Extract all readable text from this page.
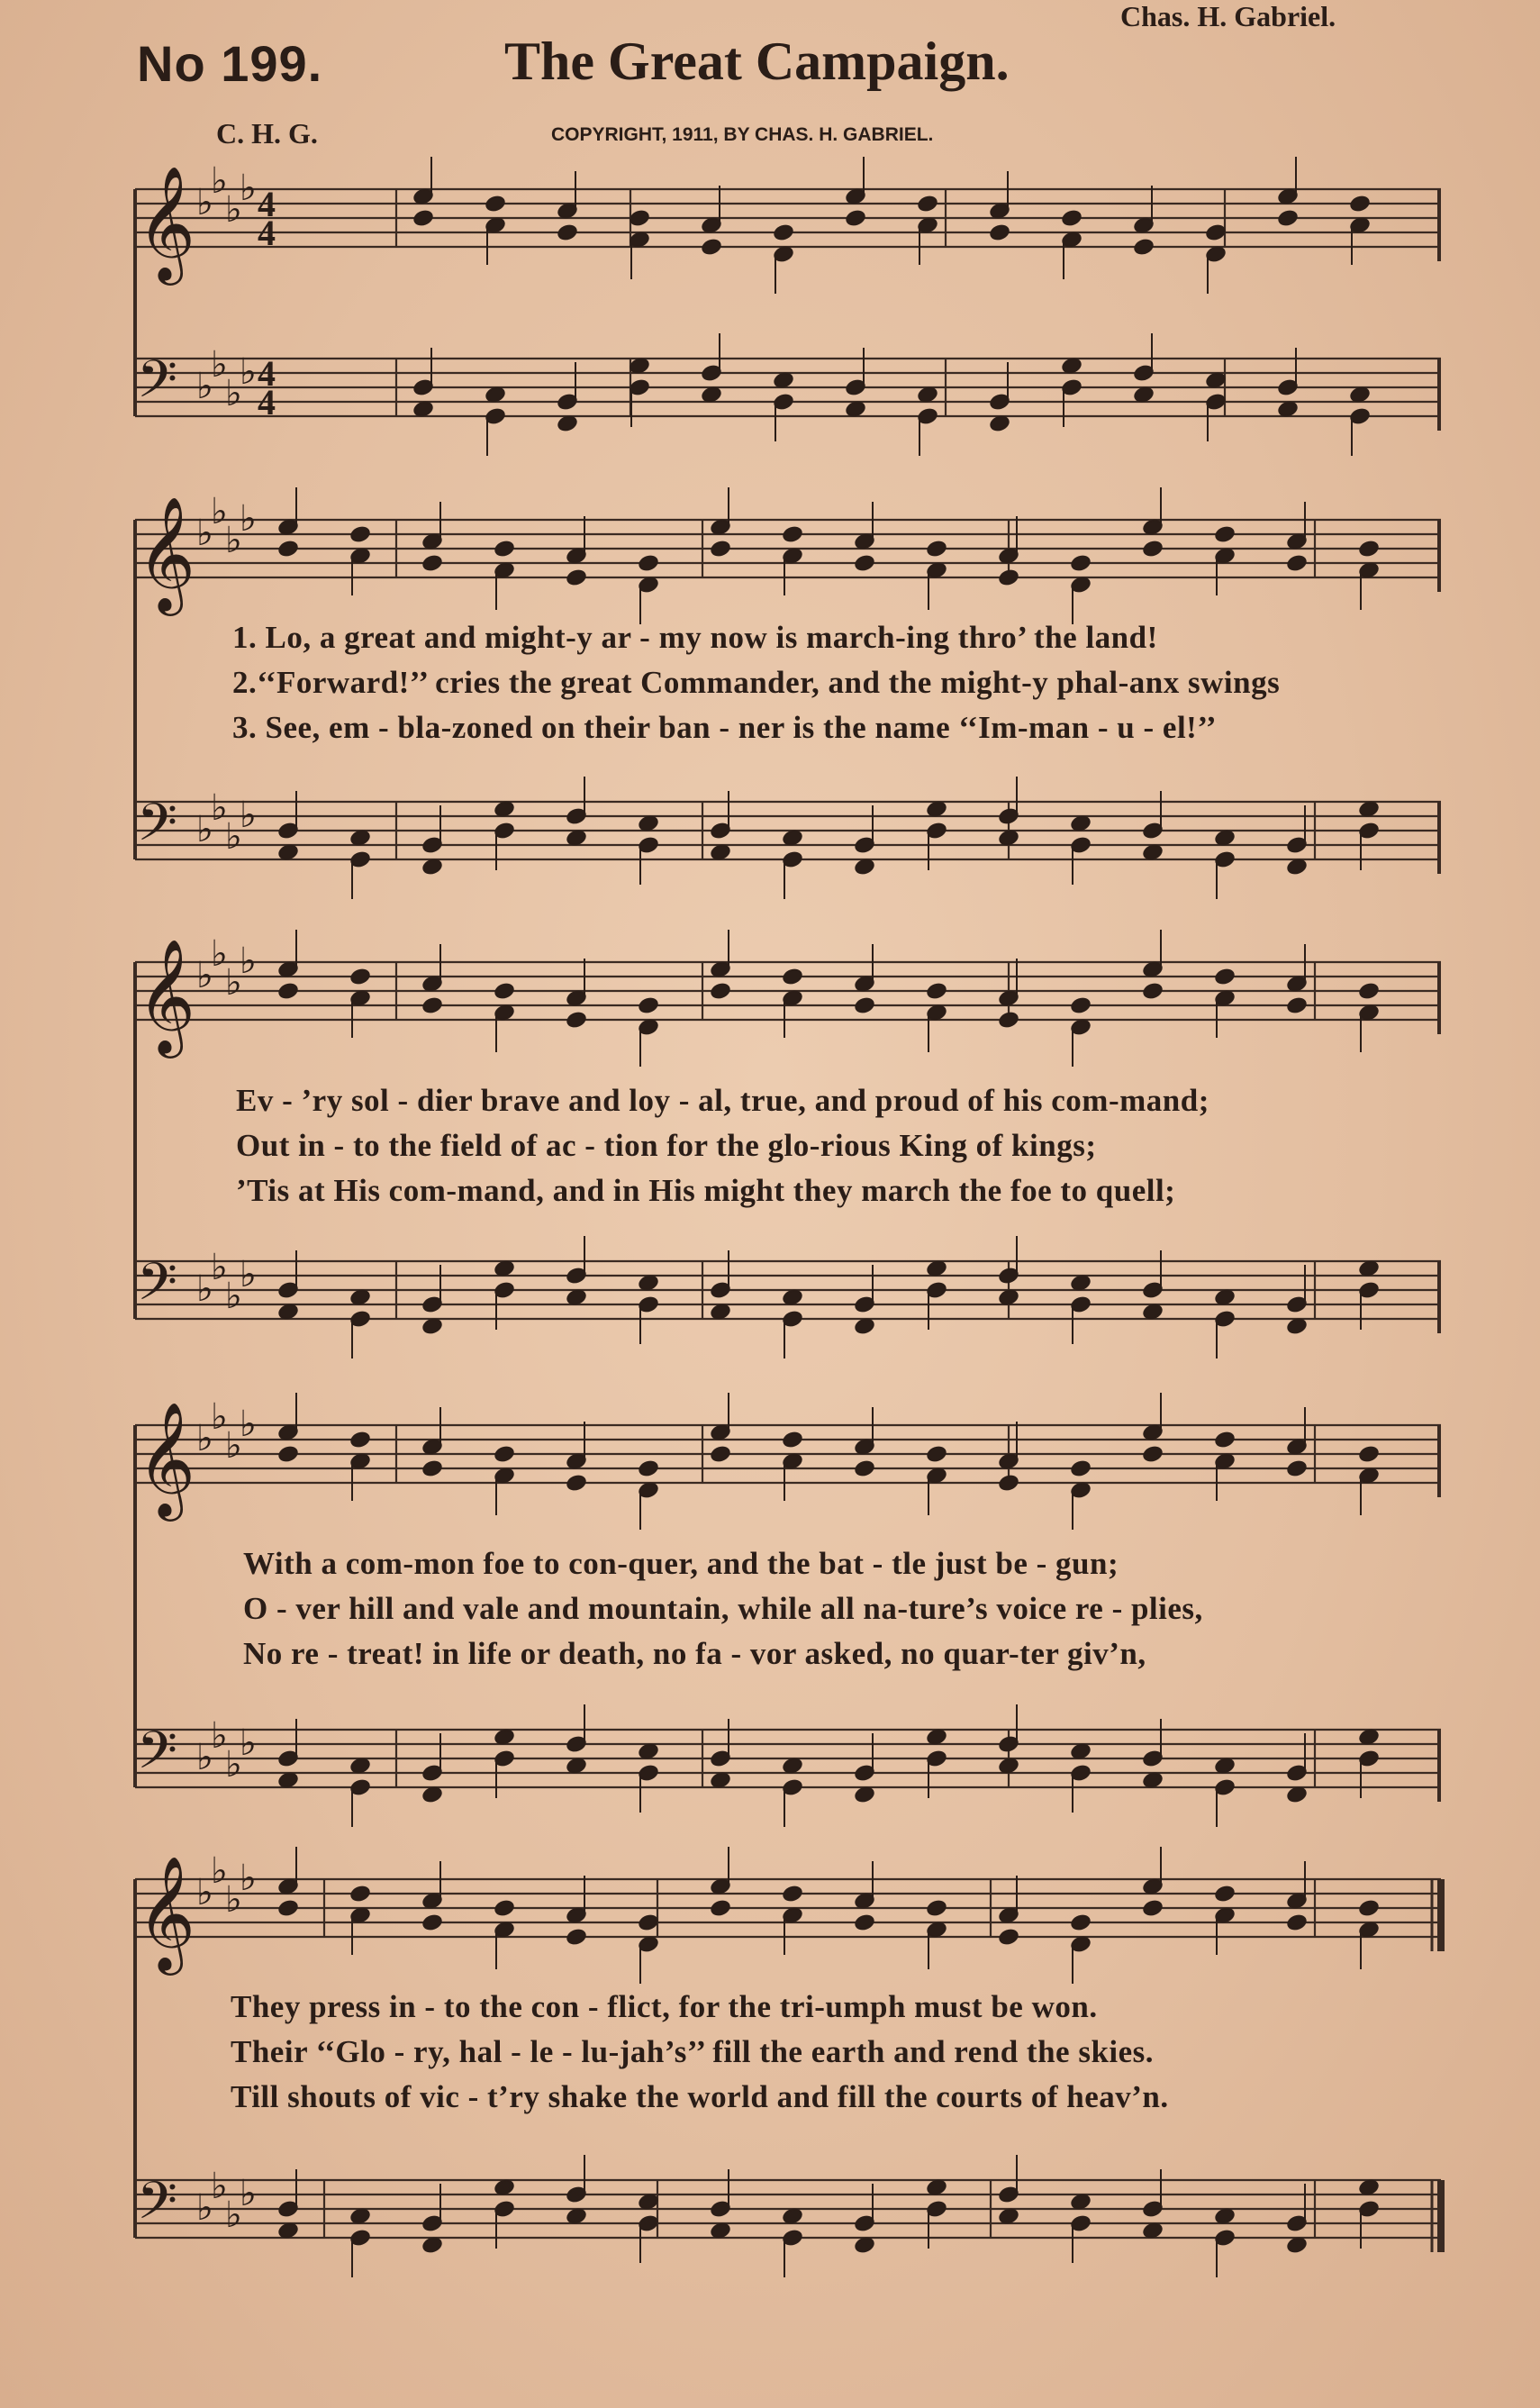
No 199.	The Great Campaign.
C. H. G.	COPYRIGHT, 1911, BY CHAS. H. GABRIEL.
Chas. H. Gabriel.
𝄞
𝄢
𝄞
𝄢
𝄞
𝄢
𝄞
𝄢
𝄞
𝄢
♭
♭
♭
♭
♭
♭
♭
♭
♭
♭
♭
♭
♭
♭
♭
♭
♭
♭
♭
♭
♭
♭
♭
♭
♭
♭
♭
♭
♭
♭
♭
♭
♭
♭
♭
♭
♭
♭
♭
♭
4
4
4
4
1. Lo, a great and might-y ar - my now is march-ing thro’ the land!
2.‘‘Forward!’’ cries the great Commander, and the might-y phal-anx swings
3. See, em - bla-zoned on their ban - ner is the name ‘‘Im-man - u - el!’’
Ev - ’ry sol - dier brave and loy - al, true, and proud of his com-mand;
Out in - to the field of ac - tion for the glo-rious King of kings;
’Tis at His com-mand, and in His might they march the foe to quell;
With a com-mon foe to con-quer, and the bat - tle just be - gun;
O - ver hill and vale and mountain, while all na-ture’s voice re - plies,
No re - treat! in life or death, no fa - vor asked, no quar-ter giv’n,
They press in - to the con - flict, for the tri-umph must be won.
Their ‘‘Glo - ry, hal - le - lu-jah’s’’ fill the earth and rend the skies.
Till shouts of vic - t’ry shake the world and fill the courts of heav’n.
